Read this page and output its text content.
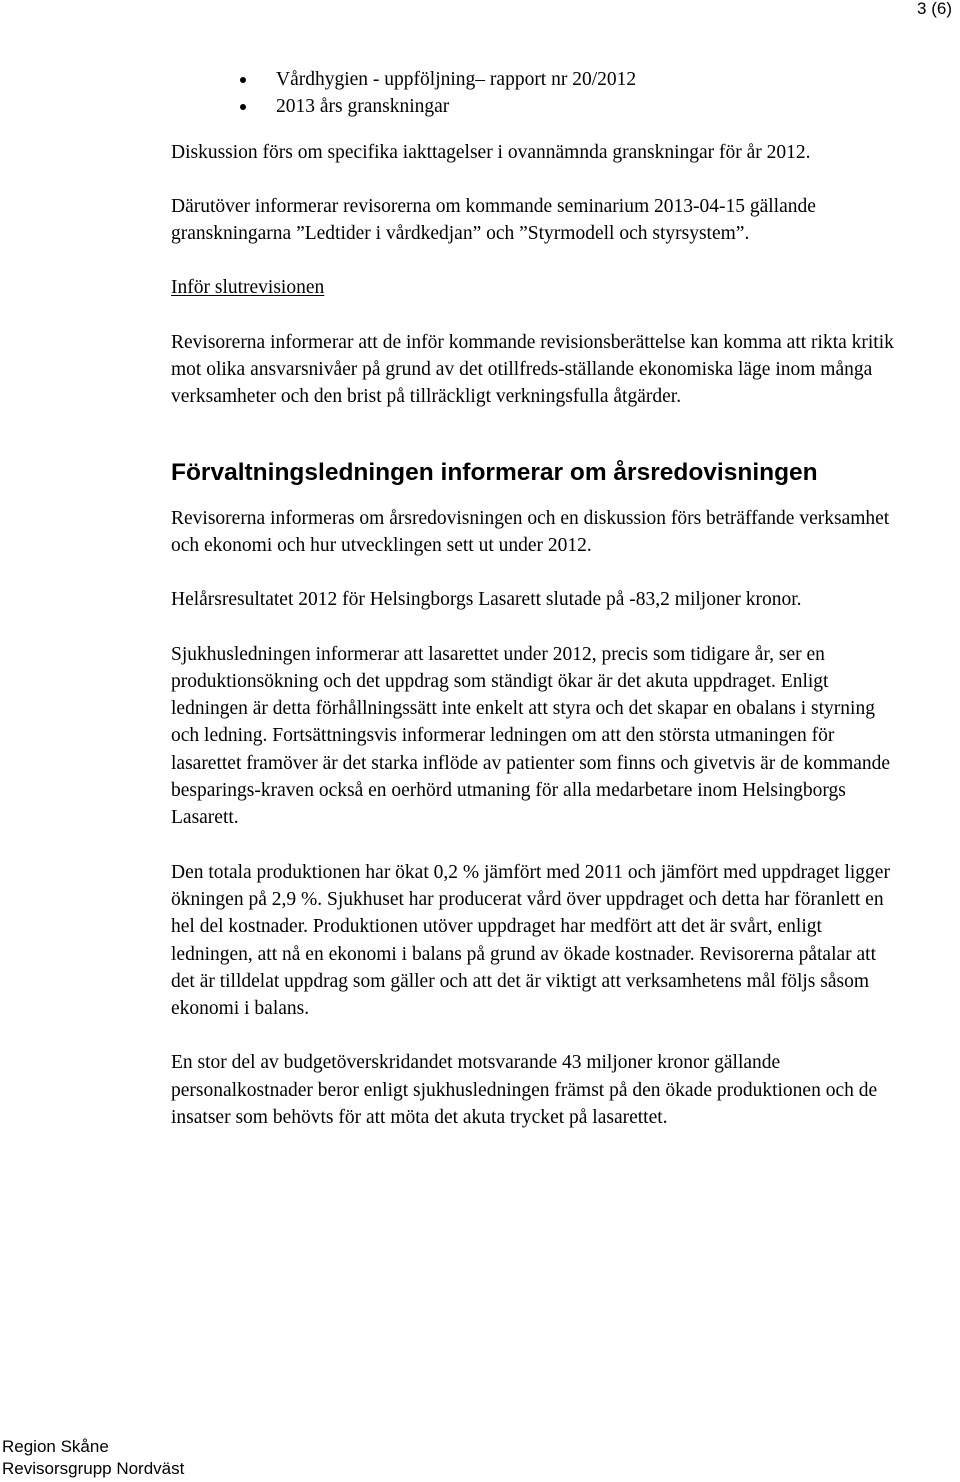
3 (6)
Vårdhygien - uppföljning– rapport nr 20/2012
2013 års granskningar

Diskussion förs om specifika iakttagelser i ovannämnda granskningar för år 2012.

Därutöver informerar revisorerna om kommande seminarium 2013-04-15 gällande granskningarna ”Ledtider i vårdkedjan” och ”Styrmodell och styrsystem”.

Inför slutrevisionen

Revisorerna informerar att de inför kommande revisionsberättelse kan komma att rikta kritik mot olika ansvarsnivåer på grund av det otillfreds-ställande ekonomiska läge inom många verksamheter och den brist på tillräckligt verkningsfulla åtgärder.

Förvaltningsledningen informerar om årsredovisningen

Revisorerna informeras om årsredovisningen och en diskussion förs beträffande verksamhet och ekonomi och hur utvecklingen sett ut under 2012.

Helårsresultatet 2012 för Helsingborgs Lasarett slutade på -83,2 miljoner kronor.

Sjukhusledningen informerar att lasarettet under 2012, precis som tidigare år, ser en produktionsökning och det uppdrag som ständigt ökar är det akuta uppdraget. Enligt ledningen är detta förhållningssätt inte enkelt att styra och det skapar en obalans i styrning och ledning. Fortsättningsvis informerar ledningen om att den största utmaningen för lasarettet framöver är det starka inflöde av patienter som finns och givetvis är de kommande besparings-kraven också en oerhörd utmaning för alla medarbetare inom Helsingborgs Lasarett.

Den totala produktionen har ökat 0,2 % jämfört med 2011 och jämfört med uppdraget ligger ökningen på 2,9 %. Sjukhuset har producerat vård över uppdraget och detta har föranlett en hel del kostnader. Produktionen utöver uppdraget har medfört att det är svårt, enligt ledningen, att nå en ekonomi i balans på grund av ökade kostnader. Revisorerna påtalar att det är tilldelat uppdrag som gäller och att det är viktigt att verksamhetens mål följs såsom ekonomi i balans.

En stor del av budgetöverskridandet motsvarande 43 miljoner kronor gällande personalkostnader beror enligt sjukhusledningen främst på den ökade produktionen och de insatser som behövts för att möta det akuta trycket på lasarettet.

Region Skåne
Revisorsgrupp Nordväst
